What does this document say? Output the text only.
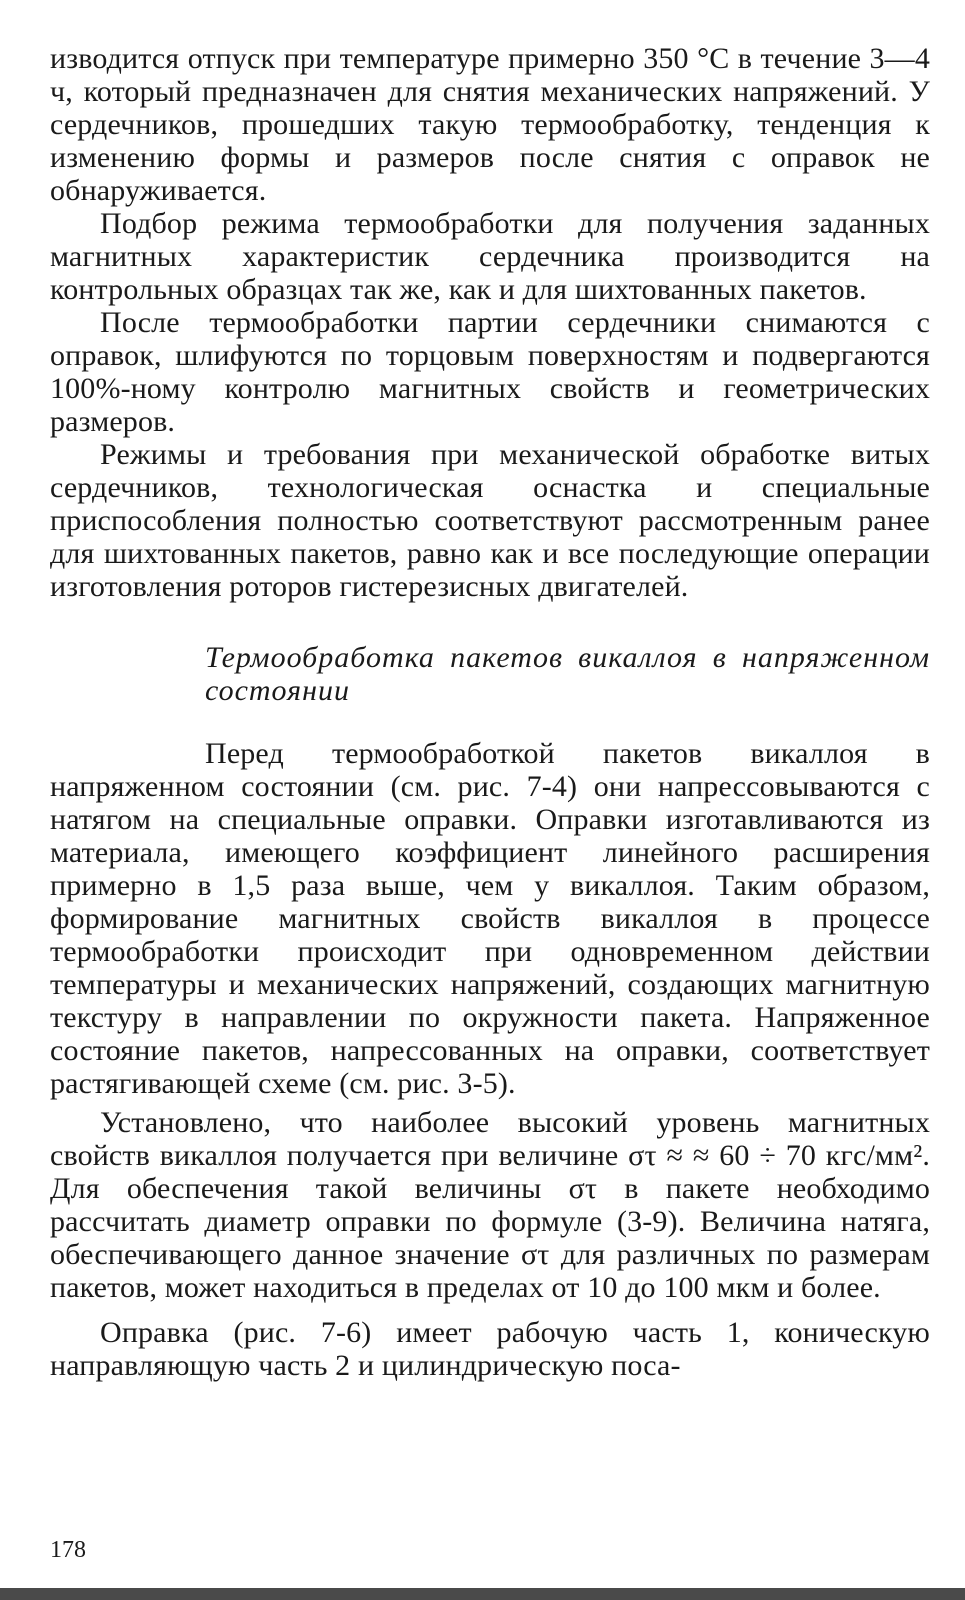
изводится отпуск при температуре примерно 350 °С в течение 3—4 ч, который предназначен для снятия механических напряжений. У сердечников, прошедших такую термообработку, тенденция к изменению формы и размеров после снятия с оправок не обнаруживается.

Подбор режима термообработки для получения заданных магнитных характеристик сердечника производится на контрольных образцах так же, как и для шихтованных пакетов.

После термообработки партии сердечники снимаются с оправок, шлифуются по торцовым поверхностям и подвергаются 100%-ному контролю магнитных свойств и геометрических размеров.

Режимы и требования при механической обработке витых сердечников, технологическая оснастка и специальные приспособления полностью соответствуют рассмотренным ранее для шихтованных пакетов, равно как и все последующие операции изготовления роторов гистерезисных двигателей.

Термообработка пакетов викаллоя в напряженном состоянии

Перед термообработкой пакетов викаллоя в напряженном состоянии (см. рис. 7-4) они напрессовываются с натягом на специальные оправки. Оправки изготавливаются из материала, имеющего коэффициент линейного расширения примерно в 1,5 раза выше, чем у викаллоя. Таким образом, формирование магнитных свойств викаллоя в процессе термообработки происходит при одновременном действии температуры и механических напряжений, создающих магнитную текстуру в направлении по окружности пакета. Напряженное состояние пакетов, напрессованных на оправки, соответствует растягивающей схеме (см. рис. 3-5).

Установлено, что наиболее высокий уровень магнитных свойств викаллоя получается при величине στ ≈ ≈ 60 ÷ 70 кгс/мм². Для обеспечения такой величины στ в пакете необходимо рассчитать диаметр оправки по формуле (3-9). Величина натяга, обеспечивающего данное значение στ для различных по размерам пакетов, может находиться в пределах от 10 до 100 мкм и более.

Оправка (рис. 7-6) имеет рабочую часть 1, коническую направляющую часть 2 и цилиндрическую поса-

178
